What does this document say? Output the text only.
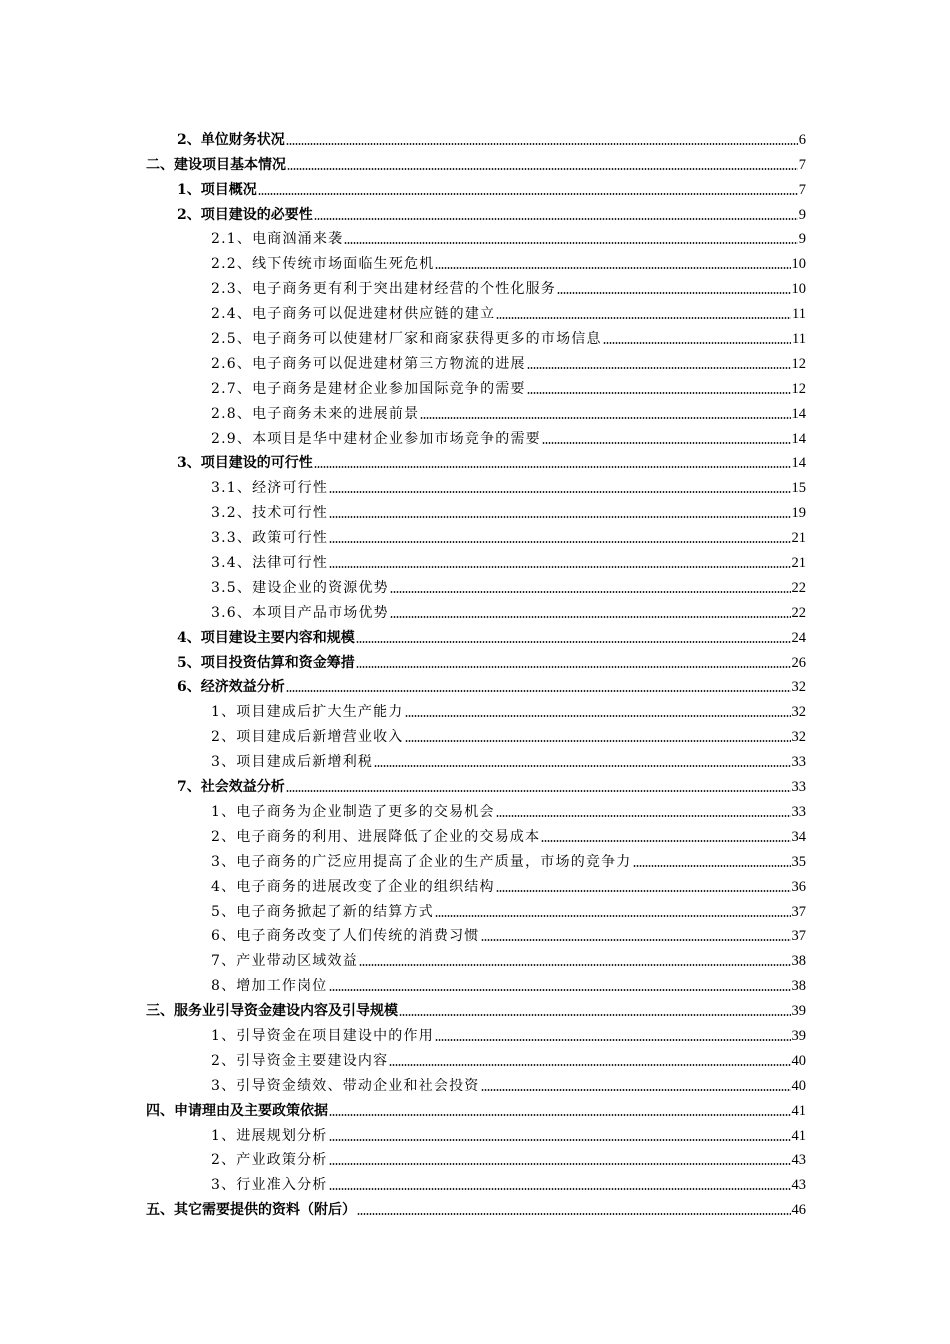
2、单位财务状况	6
二、建设项目基本情况	7
1、项目概况	7
2、项目建设的必要性	9
2.1、电商汹涌来袭	9
2.2、线下传统市场面临生死危机	10
2.3、电子商务更有利于突出建材经营的个性化服务	10
2.4、电子商务可以促进建材供应链的建立	11
2.5、电子商务可以使建材厂家和商家获得更多的市场信息	11
2.6、电子商务可以促进建材第三方物流的进展	12
2.7、电子商务是建材企业参加国际竞争的需要	12
2.8、电子商务未来的进展前景	14
2.9、本项目是华中建材企业参加市场竞争的需要	14
3、项目建设的可行性	14
3.1、经济可行性	15
3.2、技术可行性	19
3.3、政策可行性	21
3.4、法律可行性	21
3.5、建设企业的资源优势	22
3.6、本项目产品市场优势	22
4、项目建设主要内容和规模	24
5、项目投资估算和资金筹措	26
6、经济效益分析	32
1、项目建成后扩大生产能力	32
2、项目建成后新增营业收入	32
3、项目建成后新增利税	33
7、社会效益分析	33
1、电子商务为企业制造了更多的交易机会	33
2、电子商务的利用、进展降低了企业的交易成本	34
3、电子商务的广泛应用提高了企业的生产质量，市场的竞争力	35
4、电子商务的进展改变了企业的组织结构	36
5、电子商务掀起了新的结算方式	37
6、电子商务改变了人们传统的消费习惯	37
7、产业带动区域效益	38
8、增加工作岗位	38
三、服务业引导资金建设内容及引导规模	39
1、引导资金在项目建设中的作用	39
2、引导资金主要建设内容	40
3、引导资金绩效、带动企业和社会投资	40
四、申请理由及主要政策依据	41
1、进展规划分析	41
2、产业政策分析	43
3、行业准入分析	43
五、其它需要提供的资料（附后）	46
